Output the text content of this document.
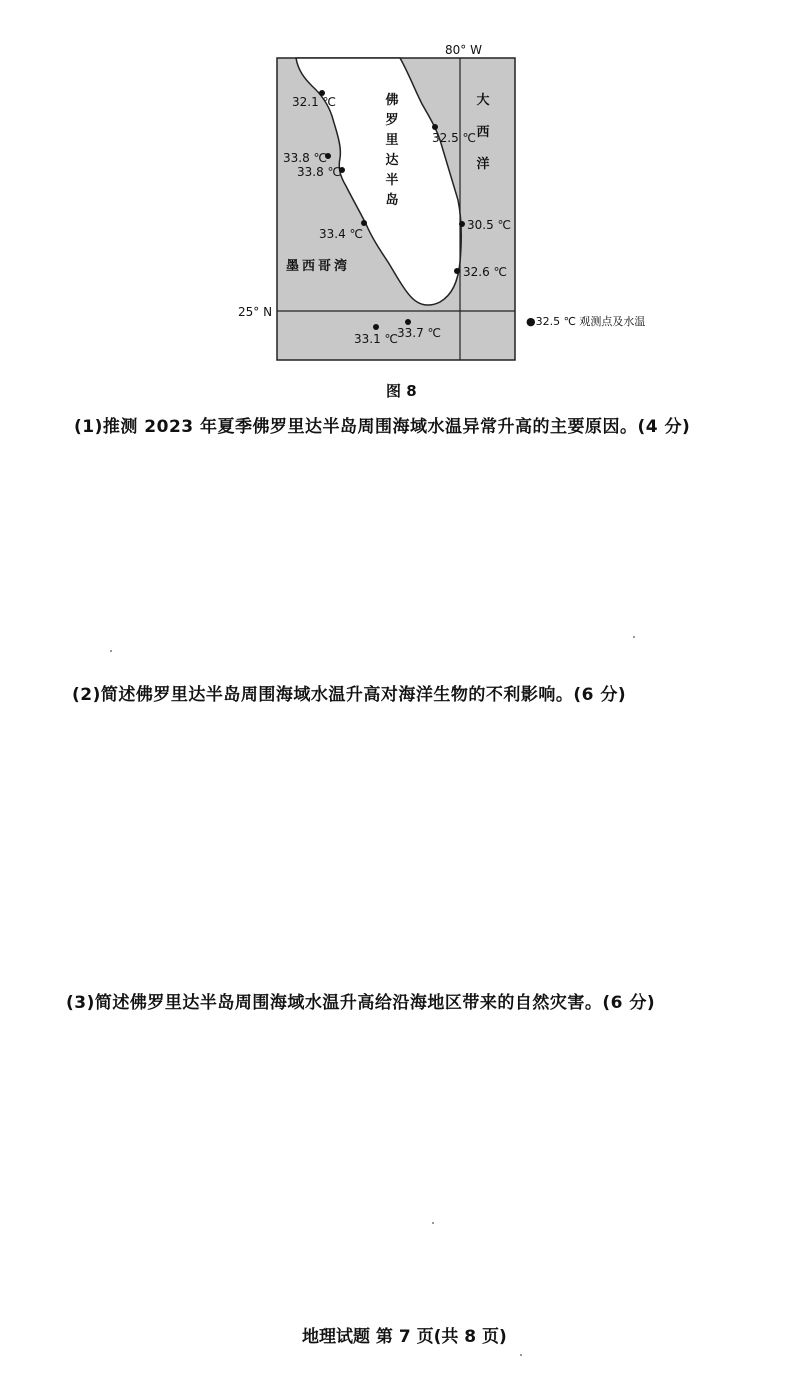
32.1 ℃
32.5 ℃
33.8 ℃
33.8 ℃
33.4 ℃
30.5 ℃
32.6 ℃
33.1 ℃
33.7 ℃
佛
罗
里
达
半
岛
大
西
洋
墨西哥湾
80° W
25° N
●32.5 ℃ 观测点及水温
图 8
(1)推测 2023 年夏季佛罗里达半岛周围海域水温异常升高的主要原因。(4 分)
(2)简述佛罗里达半岛周围海域水温升高对海洋生物的不利影响。(6 分)
(3)简述佛罗里达半岛周围海域水温升高给沿海地区带来的自然灾害。(6 分)
地理试题 第 7 页(共 8 页)
